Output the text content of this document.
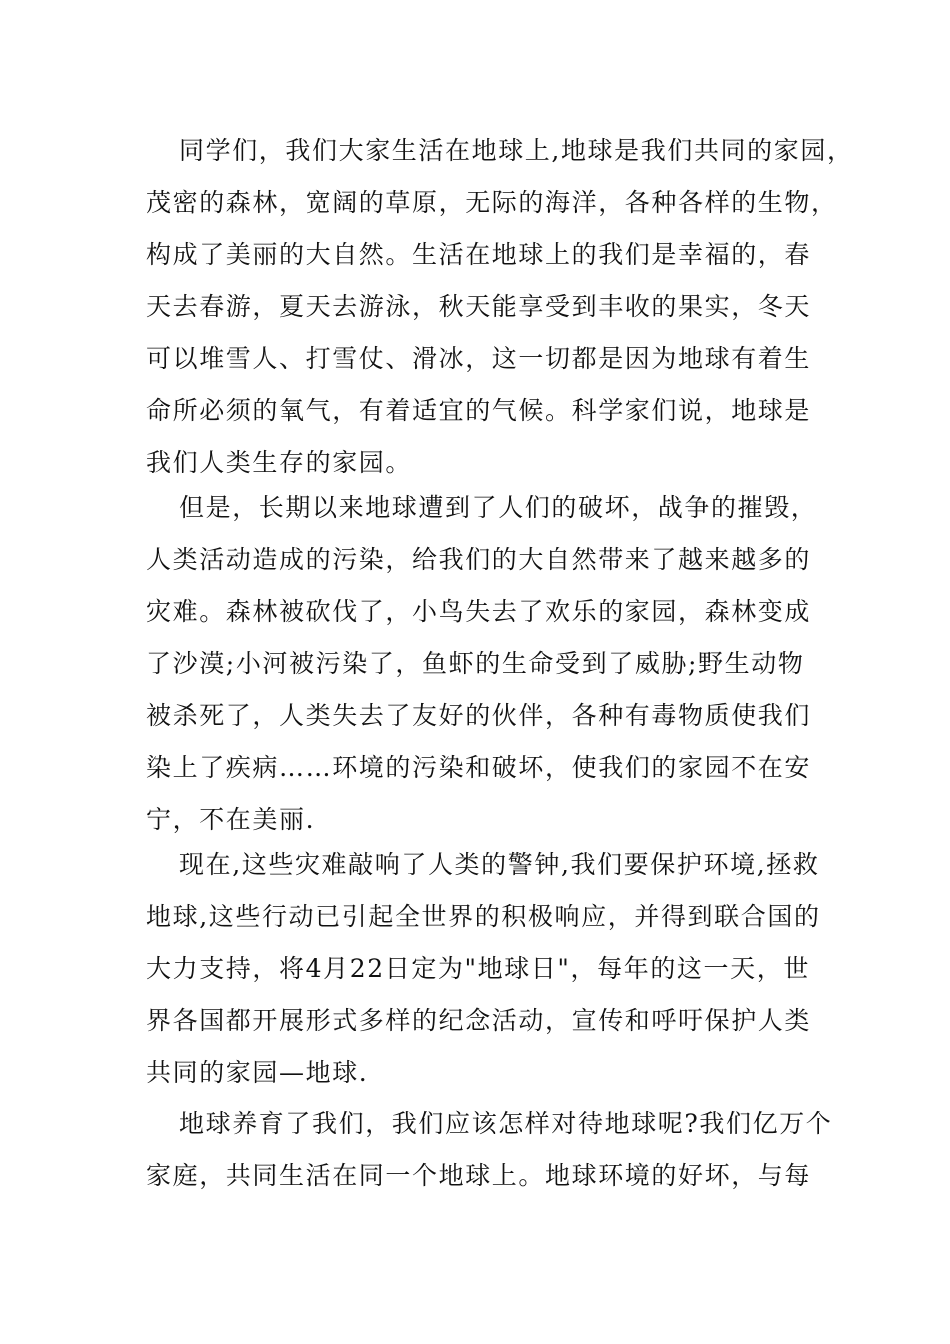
同学们，我们大家生活在地球上,地球是我们共同的家园，
茂密的森林，宽阔的草原，无际的海洋，各种各样的生物，
构成了美丽的大自然。生活在地球上的我们是幸福的，春
天去春游，夏天去游泳，秋天能享受到丰收的果实，冬天
可以堆雪人、打雪仗、滑冰，这一切都是因为地球有着生
命所必须的氧气，有着适宜的气候。科学家们说，地球是
我们人类生存的家园。
但是，长期以来地球遭到了人们的破坏，战争的摧毁，
人类活动造成的污染，给我们的大自然带来了越来越多的
灾难。森林被砍伐了，小鸟失去了欢乐的家园，森林变成
了沙漠;小河被污染了，鱼虾的生命受到了威胁;野生动物
被杀死了，人类失去了友好的伙伴，各种有毒物质使我们
染上了疾病……环境的污染和破坏，使我们的家园不在安
宁，不在美丽.
现在,这些灾难敲响了人类的警钟,我们要保护环境,拯救
地球,这些行动已引起全世界的积极响应，并得到联合国的
大力支持，将4月22日定为"地球日"，每年的这一天，世
界各国都开展形式多样的纪念活动，宣传和呼吁保护人类
共同的家园—地球.
地球养育了我们，我们应该怎样对待地球呢?我们亿万个
家庭，共同生活在同一个地球上。地球环境的好坏，与每
